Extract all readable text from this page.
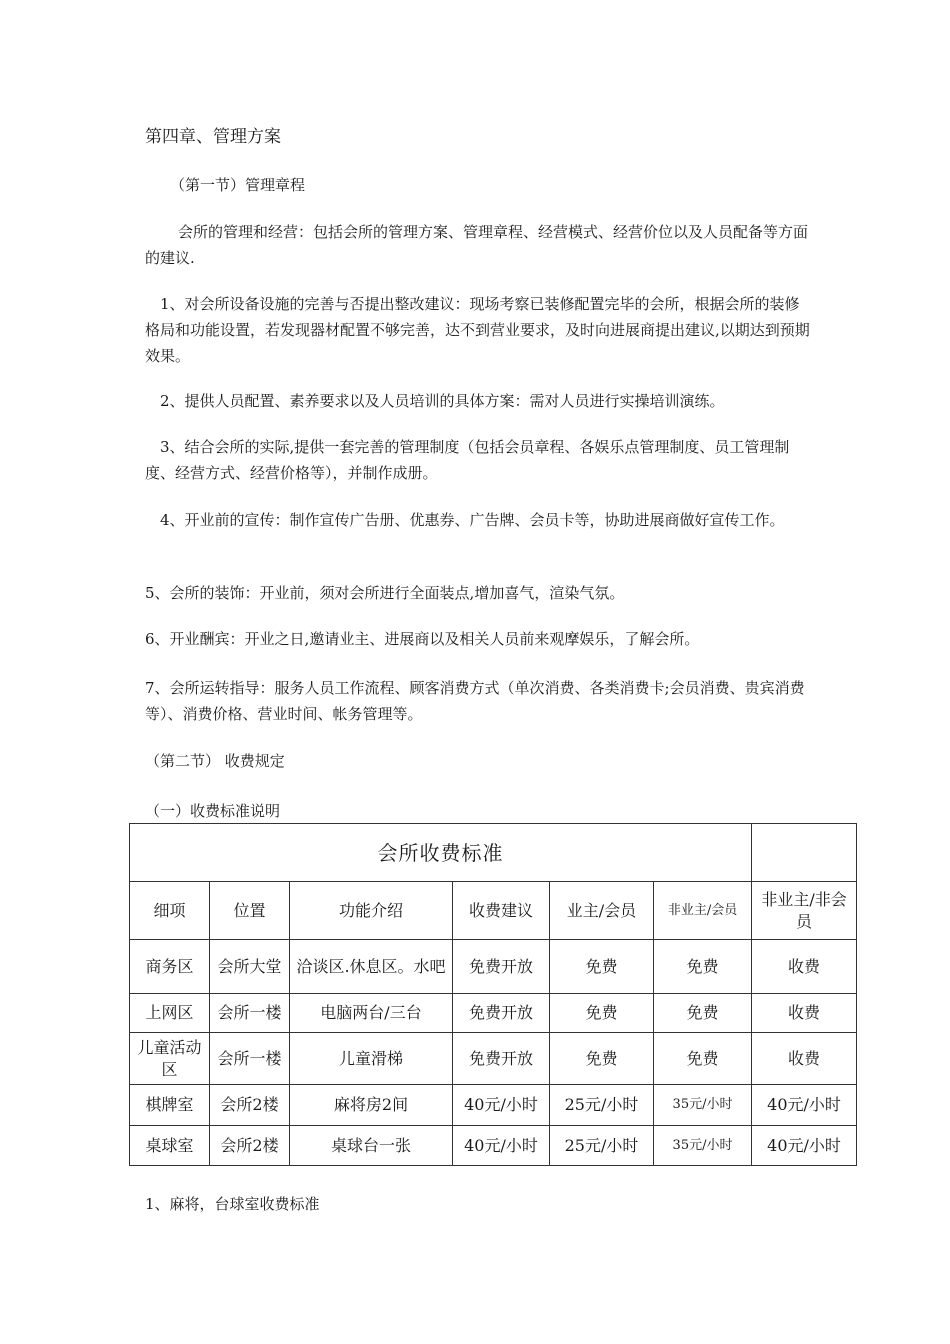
第四章、管理方案
（第一节）管理章程

会所的管理和经营：包括会所的管理方案、管理章程、经营模式、经营价位以及人员配备等方面的建议.

1、对会所设备设施的完善与否提出整改建议：现场考察已装修配置完毕的会所，根据会所的装修格局和功能设置，若发现器材配置不够完善，达不到营业要求，及时向进展商提出建议,以期达到预期效果。

2、提供人员配置、素养要求以及人员培训的具体方案：需对人员进行实操培训演练。

3、结合会所的实际,提供一套完善的管理制度（包括会员章程、各娱乐点管理制度、员工管理制度、经营方式、经营价格等），并制作成册。

4、开业前的宣传：制作宣传广告册、优惠券、广告牌、会员卡等，协助进展商做好宣传工作。

5、会所的装饰：开业前，须对会所进行全面装点,增加喜气，渲染气氛。

6、开业酬宾：开业之日,邀请业主、进展商以及相关人员前来观摩娱乐，了解会所。

7、会所运转指导：服务人员工作流程、顾客消费方式（单次消费、各类消费卡;会员消费、贵宾消费等）、消费价格、营业时间、帐务管理等。

（第二节） 收费规定
（一）收费标准说明
会所收费标准						
细项	位置	功能介绍	收费建议	业主/会员	非业主/会员	非业主/非会员
商务区	会所大堂	洽谈区.休息区。水吧	免费开放	免费	免费	收费
上网区	会所一楼	电脑两台/三台	免费开放	免费	免费	收费
儿童活动区	会所一楼	儿童滑梯	免费开放	免费	免费	收费
棋牌室	会所2楼	麻将房2间	40元/小时	25元/小时	35元/小时	40元/小时
桌球室	会所2楼	桌球台一张	40元/小时	25元/小时	35元/小时	40元/小时

1、麻将，台球室收费标准
